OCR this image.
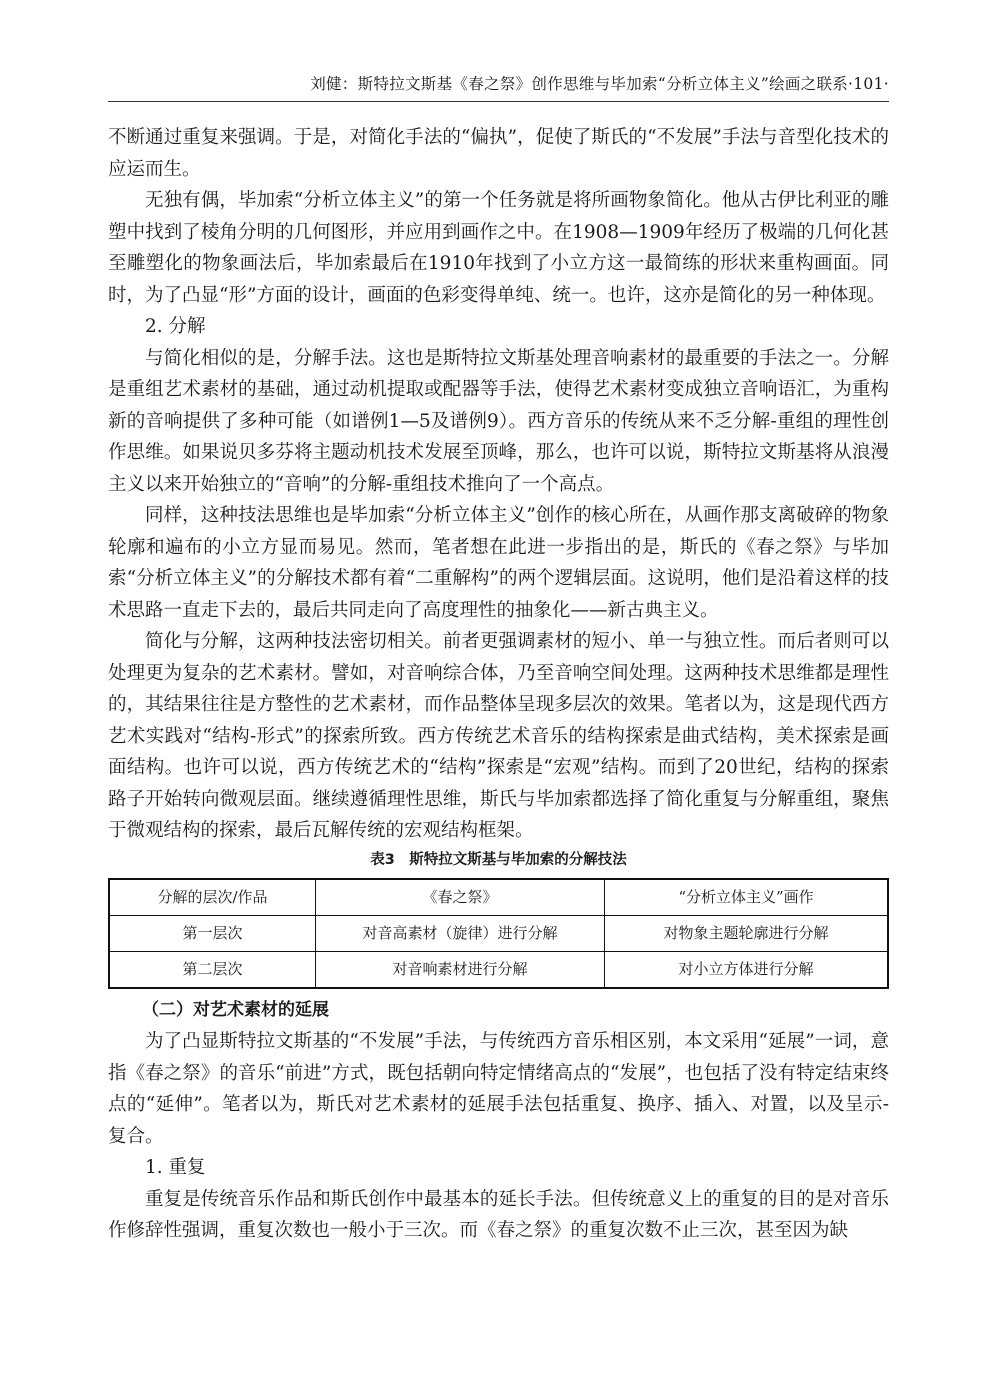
刘健：斯特拉文斯基《春之祭》创作思维与毕加索“分析立体主义”绘画之联系·101·

不断通过重复来强调。于是，对简化手法的“偏执”，促使了斯氏的“不发展”手法与音型化技术的应运而生。

无独有偶，毕加索“分析立体主义”的第一个任务就是将所画物象简化。他从古伊比利亚的雕塑中找到了棱角分明的几何图形，并应用到画作之中。在1908—1909年经历了极端的几何化甚至雕塑化的物象画法后，毕加索最后在1910年找到了小立方这一最简练的形状来重构画面。同时，为了凸显“形”方面的设计，画面的色彩变得单纯、统一。也许，这亦是简化的另一种体现。

2. 分解

与简化相似的是，分解手法。这也是斯特拉文斯基处理音响素材的最重要的手法之一。分解是重组艺术素材的基础，通过动机提取或配器等手法，使得艺术素材变成独立音响语汇，为重构新的音响提供了多种可能（如谱例1—5及谱例9）。西方音乐的传统从来不乏分解-重组的理性创作思维。如果说贝多芬将主题动机技术发展至顶峰，那么，也许可以说，斯特拉文斯基将从浪漫主义以来开始独立的“音响”的分解-重组技术推向了一个高点。

同样，这种技法思维也是毕加索“分析立体主义”创作的核心所在，从画作那支离破碎的物象轮廓和遍布的小立方显而易见。然而，笔者想在此进一步指出的是，斯氏的《春之祭》与毕加索“分析立体主义”的分解技术都有着“二重解构”的两个逻辑层面。这说明，他们是沿着这样的技术思路一直走下去的，最后共同走向了高度理性的抽象化——新古典主义。

简化与分解，这两种技法密切相关。前者更强调素材的短小、单一与独立性。而后者则可以处理更为复杂的艺术素材。譬如，对音响综合体，乃至音响空间处理。这两种技术思维都是理性的，其结果往往是方整性的艺术素材，而作品整体呈现多层次的效果。笔者以为，这是现代西方艺术实践对“结构-形式”的探索所致。西方传统艺术音乐的结构探索是曲式结构，美术探索是画面结构。也许可以说，西方传统艺术的“结构”探索是“宏观”结构。而到了20世纪，结构的探索路子开始转向微观层面。继续遵循理性思维，斯氏与毕加索都选择了简化重复与分解重组，聚焦于微观结构的探索，最后瓦解传统的宏观结构框架。

表3　斯特拉文斯基与毕加索的分解技法
分解的层次/作品	《春之祭》	“分析立体主义”画作
第一层次	对音高素材（旋律）进行分解	对物象主题轮廓进行分解
第二层次	对音响素材进行分解	对小立方体进行分解

（二）对艺术素材的延展

为了凸显斯特拉文斯基的“不发展”手法，与传统西方音乐相区别，本文采用“延展”一词，意指《春之祭》的音乐“前进”方式，既包括朝向特定情绪高点的“发展”，也包括了没有特定结束终点的“延伸”。笔者以为，斯氏对艺术素材的延展手法包括重复、换序、插入、对置，以及呈示-复合。

1. 重复

重复是传统音乐作品和斯氏创作中最基本的延长手法。但传统意义上的重复的目的是对音乐作修辞性强调，重复次数也一般小于三次。而《春之祭》的重复次数不止三次，甚至因为缺
